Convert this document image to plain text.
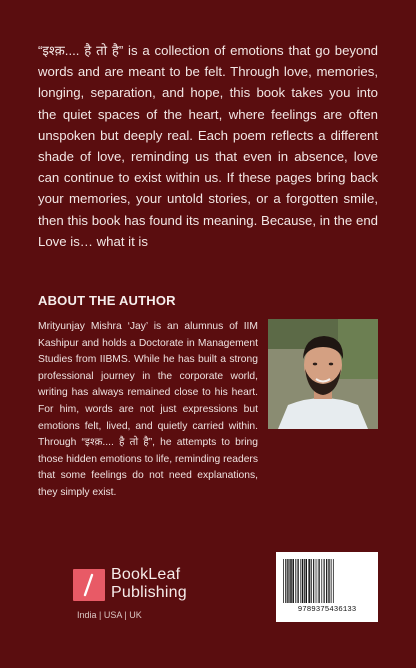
“इश्क़.... है तो है” is a collection of emotions that go beyond words and are meant to be felt. Through love, memories, longing, separation, and hope, this book takes you into the quiet spaces of the heart, where feelings are often unspoken but deeply real. Each poem reflects a different shade of love, reminding us that even in absence, love can continue to exist within us. If these pages bring back your memories, your untold stories, or a forgotten smile, then this book has found its meaning. Because, in the end Love is… what it is

ABOUT THE AUTHOR

Mrityunjay Mishra ‘Jay’ is an alumnus of IIM Kashipur and holds a Doctorate in Management Studies from IIBMS. While he has built a strong professional journey in the corporate world, writing has always remained close to his heart. For him, words are not just expressions but emotions felt, lived, and quietly carried within. Through “इश्क़.... है तो है”, he attempts to bring those hidden emotions to life, reminding readers that some feelings do not need explanations, they simply exist.

BookLeaf
Publishing
India | USA | UK	9789375436133
